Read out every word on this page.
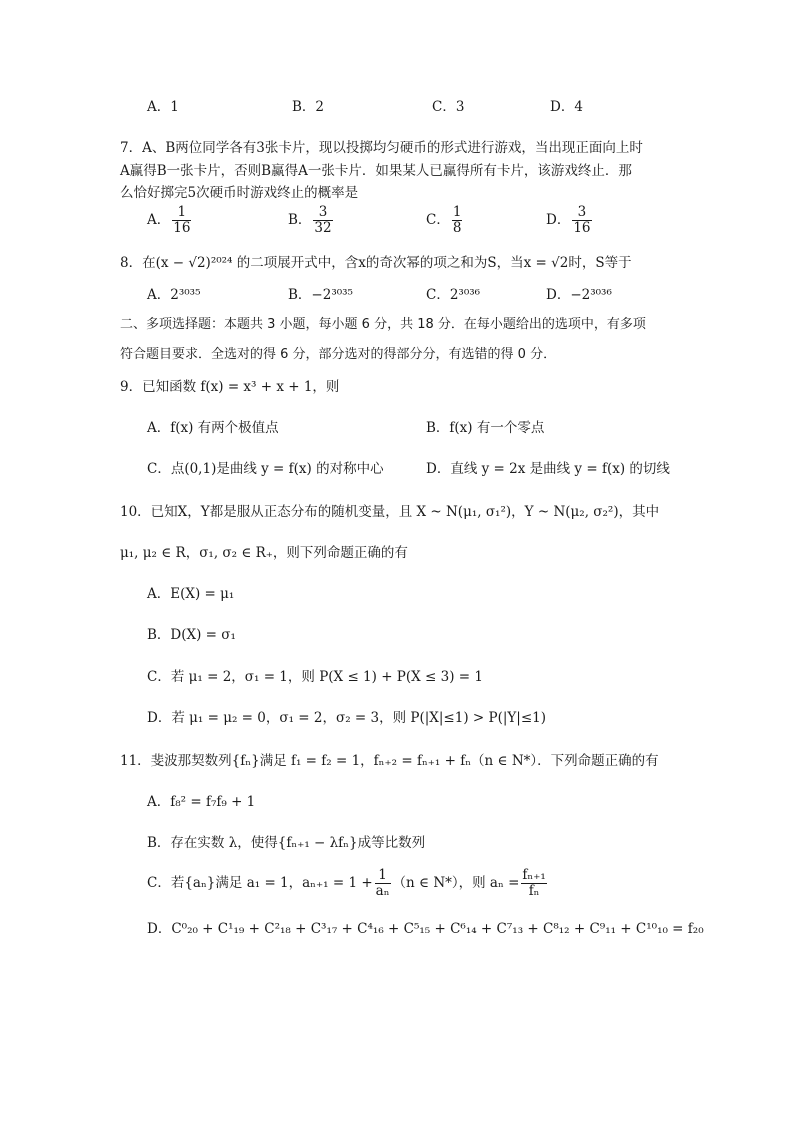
A．1	B．2	C．3	D．4
7．A、B两位同学各有3张卡片，现以投掷均匀硬币的形式进行游戏，当出现正面向上时
A赢得B一张卡片，否则B赢得A一张卡片．如果某人已赢得所有卡片，该游戏终止．那
么恰好掷完5次硬币时游戏终止的概率是
A． $\frac{1}{16}$	B． $\frac{3}{32}$	C． $\frac{1}{8}$	D． $\frac{3}{16}$
8．在(x − √2)²⁰²⁴ 的二项展开式中，含x的奇次幂的项之和为S，当x = √2时，S等于
A．2³⁰³⁵	B．−2³⁰³⁵	C．2³⁰³⁶	D．−2³⁰³⁶
二、多项选择题：本题共 3 小题，每小题 6 分，共 18 分．在每小题给出的选项中，有多项
符合题目要求．全选对的得 6 分，部分选对的得部分分，有选错的得 0 分．
9．已知函数 f(x) = x³ + x + 1，则
A．f(x) 有两个极值点	B．f(x) 有一个零点
C．点(0,1)是曲线 y = f(x) 的对称中心	D．直线 y = 2x 是曲线 y = f(x) 的切线
10．已知X，Y都是服从正态分布的随机变量，且 X ~ N(μ₁, σ₁²)，Y ~ N(μ₂, σ₂²)，其中
μ₁, μ₂ ∈ R，σ₁, σ₂ ∈ R₊，则下列命题正确的有
A．E(X) = μ₁
B．D(X) = σ₁
C．若 μ₁ = 2，σ₁ = 1，则 P(X ≤ 1) + P(X ≤ 3) = 1
D．若 μ₁ = μ₂ = 0，σ₁ = 2，σ₂ = 3，则 P(|X|≤1) > P(|Y|≤1)
11．斐波那契数列{fₙ}满足 f₁ = f₂ = 1，fₙ₊₂ = fₙ₊₁ + fₙ（n ∈ N*）．下列命题正确的有
A．f₈² = f₇f₉ + 1
B．存在实数 λ，使得{fₙ₊₁ − λfₙ}成等比数列
C．若{aₙ}满足 a₁ = 1，$a_{n+1} = 1 + \frac{1}{\text{aₙ}} (n$ ∈ N*），则 $a_n = \frac{\text{fₙ₊₁}}{\text{fₙ}}$
D．C⁰₂₀ + C¹₁₉ + C²₁₈ + C³₁₇ + C⁴₁₆ + C⁵₁₅ + C⁶₁₄ + C⁷₁₃ + C⁸₁₂ + C⁹₁₁ + C¹⁰₁₀ = f₂₀
